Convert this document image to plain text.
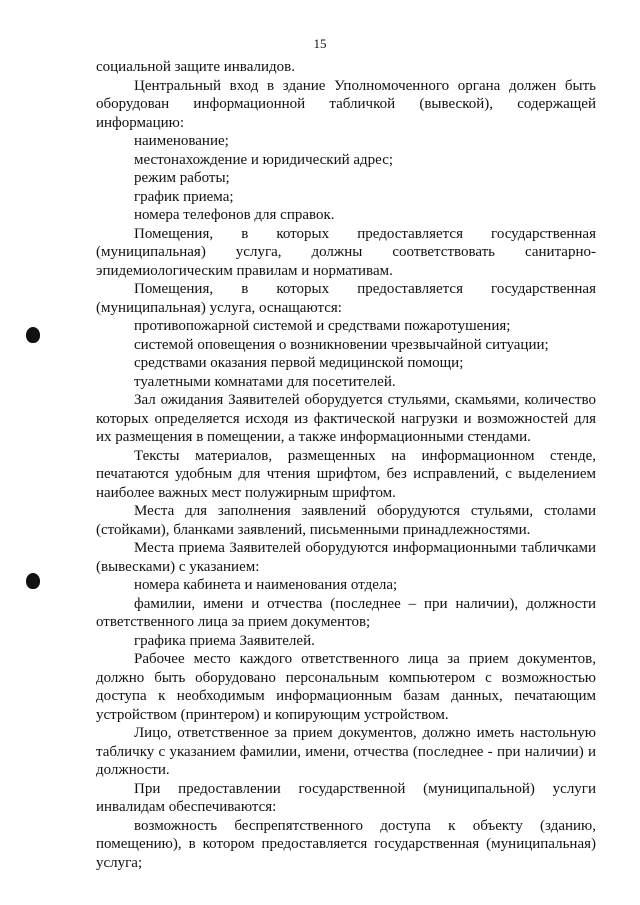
15

социальной защите инвалидов.

Центральный вход в здание Уполномоченного органа должен быть оборудован информационной табличкой (вывеской), содержащей информацию:

наименование;

местонахождение и юридический адрес;

режим работы;

график приема;

номера телефонов для справок.

Помещения, в которых предоставляется государственная (муниципальная) услуга, должны соответствовать санитарно-эпидемиологическим правилам и нормативам.

Помещения, в которых предоставляется государственная (муниципальная) услуга, оснащаются:

противопожарной системой и средствами пожаротушения;

системой оповещения о возникновении чрезвычайной ситуации;

средствами оказания первой медицинской помощи;

туалетными комнатами для посетителей.

Зал ожидания Заявителей оборудуется стульями, скамьями, количество которых определяется исходя из фактической нагрузки и возможностей для их размещения в помещении, а также информационными стендами.

Тексты материалов, размещенных на информационном стенде, печатаются удобным для чтения шрифтом, без исправлений, с выделением наиболее важных мест полужирным шрифтом.

Места для заполнения заявлений оборудуются стульями, столами (стойками), бланками заявлений, письменными принадлежностями.

Места приема Заявителей оборудуются информационными табличками (вывесками) с указанием:

номера кабинета и наименования отдела;

фамилии, имени и отчества (последнее – при наличии), должности ответственного лица за прием документов;

графика приема Заявителей.

Рабочее место каждого ответственного лица за прием документов, должно быть оборудовано персональным компьютером с возможностью доступа к необходимым информационным базам данных, печатающим устройством (принтером) и копирующим устройством.

Лицо, ответственное за прием документов, должно иметь настольную табличку с указанием фамилии, имени, отчества (последнее - при наличии) и должности.

При предоставлении государственной (муниципальной) услуги инвалидам обеспечиваются:

возможность беспрепятственного доступа к объекту (зданию, помещению), в котором предоставляется государственная (муниципальная) услуга;
